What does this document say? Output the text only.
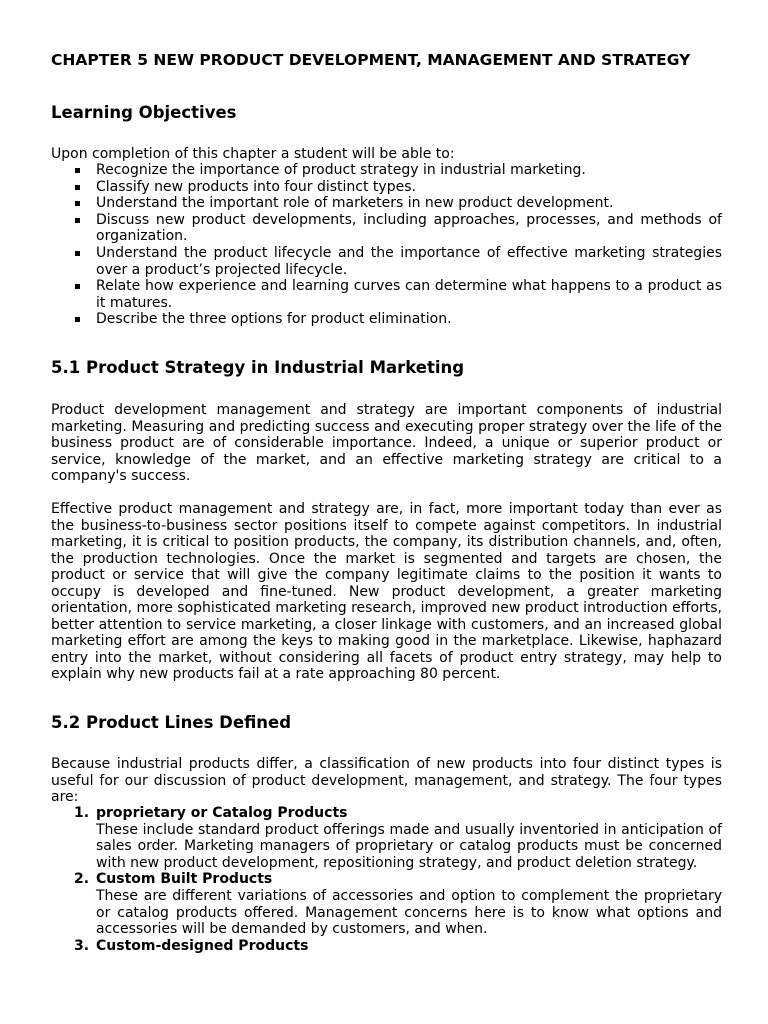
CHAPTER 5 NEW PRODUCT DEVELOPMENT, MANAGEMENT AND STRATEGY
Learning Objectives

Upon completion of this chapter a student will be able to:

Recognize the importance of product strategy in industrial marketing.
Classify new products into four distinct types.
Understand the important role of marketers in new product development.
Discuss new product developments, including approaches, processes, and methods of organization.
Understand the product lifecycle and the importance of effective marketing strategies over a product’s projected lifecycle.
Relate how experience and learning curves can determine what happens to a product as it matures.
Describe the three options for product elimination.
5.1 Product Strategy in Industrial Marketing

Product development management and strategy are important components of industrial marketing. Measuring and predicting success and executing proper strategy over the life of the business product are of considerable importance. Indeed, a unique or superior product or service, knowledge of the market, and an effective marketing strategy are critical to a company's success.

Effective product management and strategy are, in fact, more important today than ever as the business-to-business sector positions itself to compete against competitors. In industrial marketing, it is critical to position products, the company, its distribution channels, and, often, the production technologies. Once the market is segmented and targets are chosen, the product or service that will give the company legitimate claims to the position it wants to occupy is developed and fine-tuned. New product development, a greater marketing orientation, more sophisticated marketing research, improved new product introduction efforts, better attention to service marketing, a closer linkage with customers, and an increased global marketing effort are among the keys to making good in the marketplace. Likewise, haphazard entry into the market, without considering all facets of product entry strategy, may help to explain why new products fail at a rate approaching 80 percent.

5.2 Product Lines Defined

Because industrial products differ, a classification of new products into four distinct types is useful for our discussion of product development, management, and strategy. The four types are:

1. proprietary or Catalog Products
These include standard product offerings made and usually inventoried in anticipation of sales order. Marketing managers of proprietary or catalog products must be concerned with new product development, repositioning strategy, and product deletion strategy.
2. Custom Built Products
These are different variations of accessories and option to complement the proprietary or catalog products offered. Management concerns here is to know what options and accessories will be demanded by customers, and when.
3. Custom-designed Products
